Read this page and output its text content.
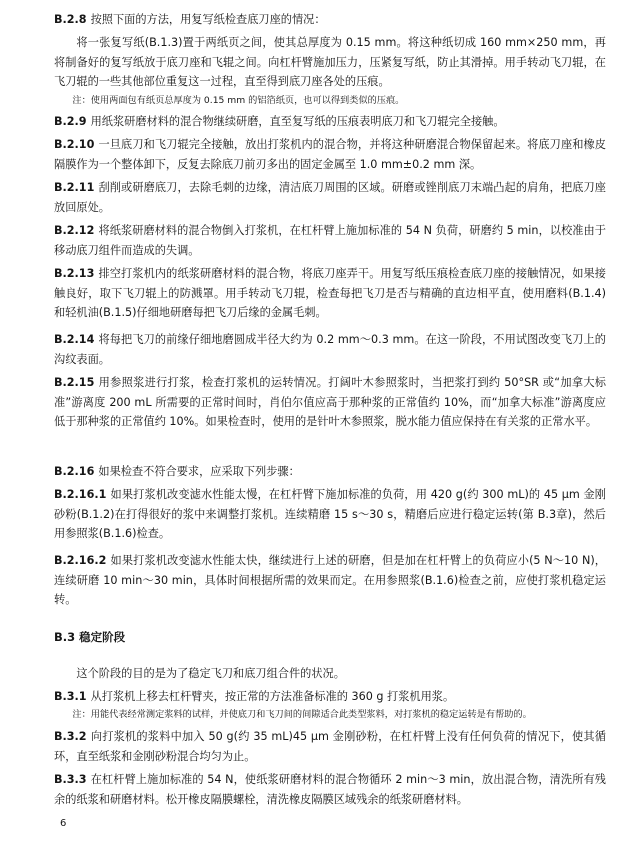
B.2.8 按照下面的方法，用复写纸检查底刀座的情况：
将一张复写纸(B.1.3)置于两纸页之间，使其总厚度为 0.15 mm。将这种纸切成 160 mm×250 mm，再将制备好的复写纸放于底刀座和飞辊之间。向杠杆臂施加压力，压紧复写纸，防止其滑掉。用手转动飞刀辊，在飞刀辊的一些其他部位重复这一过程，直至得到底刀座各处的压痕。
注：使用两面包有纸页总厚度为 0.15 mm 的铝箔纸页，也可以得到类似的压痕。
B.2.9 用纸浆研磨材料的混合物继续研磨，直至复写纸的压痕表明底刀和飞刀辊完全接触。
B.2.10 一旦底刀和飞刀辊完全接触，放出打浆机内的混合物，并将这种研磨混合物保留起来。将底刀座和橡皮隔膜作为一个整体卸下，反复去除底刀前刃多出的固定金属至 1.0 mm±0.2 mm 深。
B.2.11 刮削或研磨底刀，去除毛刺的边缘，清洁底刀周围的区域。研磨或锉削底刀末端凸起的肩角，把底刀座放回原处。
B.2.12 将纸浆研磨材料的混合物倒入打浆机，在杠杆臂上施加标准的 54 N 负荷，研磨约 5 min，以校准由于移动底刀组件而造成的失调。
B.2.13 排空打浆机内的纸浆研磨材料的混合物，将底刀座弄干。用复写纸压痕检查底刀座的接触情况，如果接触良好，取下飞刀辊上的防溅罩。用手转动飞刀辊，检查每把飞刀是否与精确的直边相平直，使用磨料(B.1.4)和轻机油(B.1.5)仔细地研磨每把飞刀后缘的金属毛刺。
B.2.14 将每把飞刀的前缘仔细地磨圆成半径大约为 0.2 mm～0.3 mm。在这一阶段，不用试图改变飞刀上的沟纹表面。
B.2.15 用参照浆进行打浆，检查打浆机的运转情况。打阔叶木参照浆时，当把浆打到约 50°SR 或“加拿大标准”游离度 200 mL 所需要的正常时间时，肖伯尔值应高于那种浆的正常值约 10%，而“加拿大标准”游离度应低于那种浆的正常值约 10%。如果检查时，使用的是针叶木参照浆，脱水能力值应保持在有关浆的正常水平。
B.2.16 如果检查不符合要求，应采取下列步骤：
B.2.16.1 如果打浆机改变滤水性能太慢，在杠杆臂下施加标准的负荷，用 420 g(约 300 mL)的 45 μm 金刚砂粉(B.1.2)在打得很好的浆中来调整打浆机。连续精磨 15 s～30 s，精磨后应进行稳定运转(第 B.3章)，然后用参照浆(B.1.6)检查。
B.2.16.2 如果打浆机改变滤水性能太快，继续进行上述的研磨，但是加在杠杆臂上的负荷应小(5 N～10 N)，连续研磨 10 min～30 min，具体时间根据所需的效果而定。在用参照浆(B.1.6)检查之前，应使打浆机稳定运转。
B.3 稳定阶段
这个阶段的目的是为了稳定飞刀和底刀组合件的状况。
B.3.1 从打浆机上移去杠杆臂夹，按正常的方法准备标准的 360 g 打浆机用浆。
注：用能代表经常测定浆料的试样，并使底刀和飞刀间的间隙适合此类型浆料，对打浆机的稳定运转是有帮助的。
B.3.2 向打浆机的浆料中加入 50 g(约 35 mL)45 μm 金刚砂粉，在杠杆臂上没有任何负荷的情况下，使其循环，直至纸浆和金刚砂粉混合均匀为止。
B.3.3 在杠杆臂上施加标准的 54 N，使纸浆研磨材料的混合物循环 2 min～3 min，放出混合物，清洗所有残余的纸浆和研磨材料。松开橡皮隔膜螺栓，清洗橡皮隔膜区域残余的纸浆研磨材料。
6
